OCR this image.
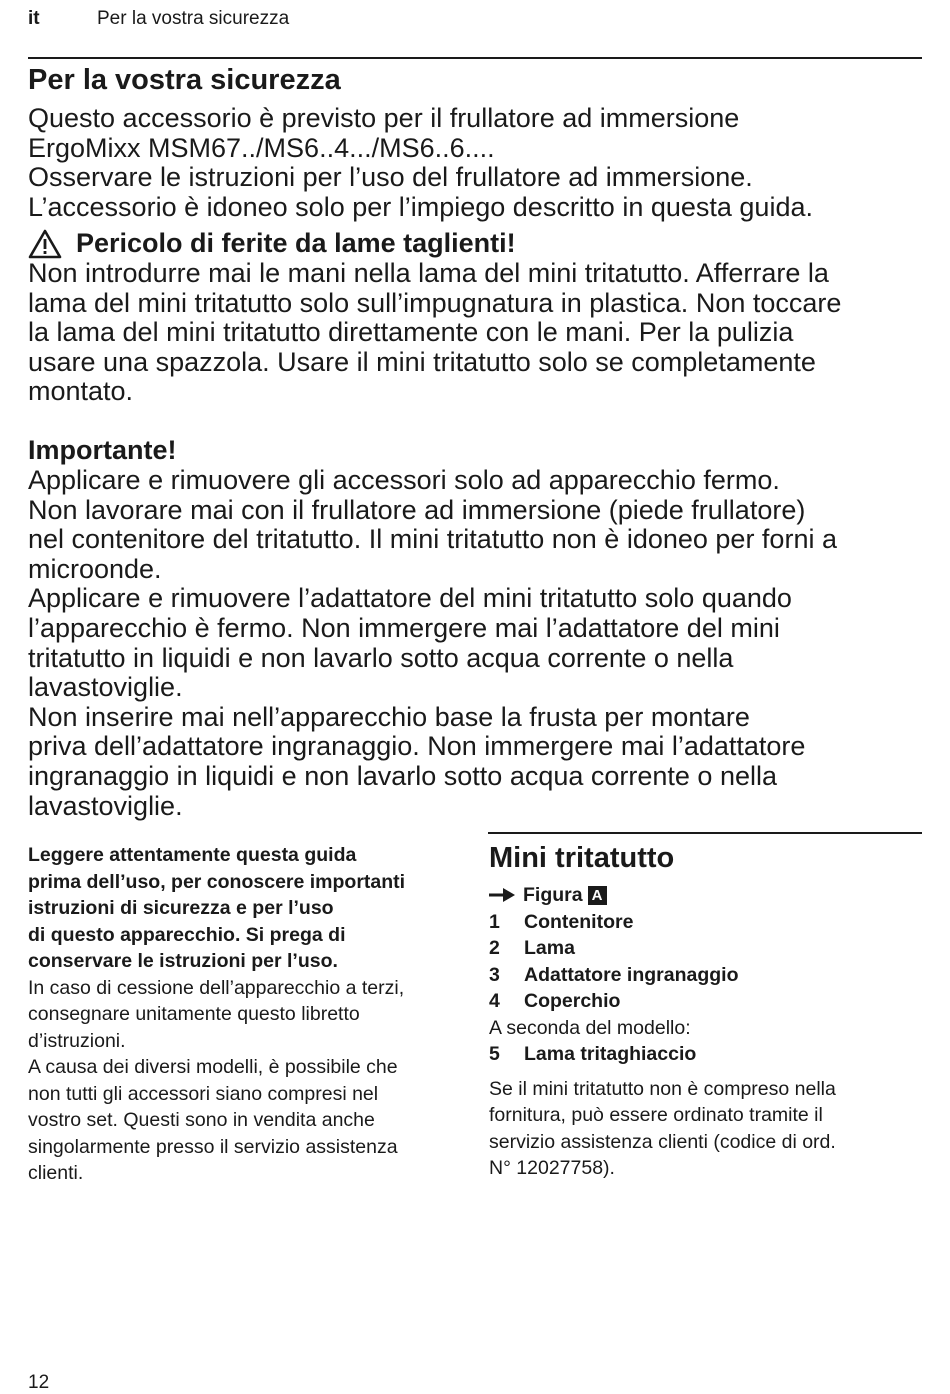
it	Per la vostra sicurezza
Per la vostra sicurezza

Questo accessorio è previsto per il frullatore ad immersione

ErgoMixx MSM67../MS6..4.../MS6..6....

Osservare le istruzioni per l’uso del frullatore ad immersione.

L’accessorio è idoneo solo per l’impiego descritto in questa guida.

Pericolo di ferite da lame taglienti!

Non introdurre mai le mani nella lama del mini tritatutto. Afferrare la

lama del mini tritatutto solo sull’impugnatura in plastica. Non toccare

la lama del mini tritatutto direttamente con le mani. Per la pulizia

usare una spazzola. Usare il mini tritatutto solo se completamente

montato.

Importante!

Applicare e rimuovere gli accessori solo ad apparecchio fermo.

Non lavorare mai con il frullatore ad immersione (piede frullatore)

nel contenitore del tritatutto. Il mini tritatutto non è idoneo per forni a

microonde.

Applicare e rimuovere l’adattatore del mini tritatutto solo quando

l’apparecchio è fermo. Non immergere mai l’adattatore del mini

tritatutto in liquidi e non lavarlo sotto acqua corrente o nella

lavastoviglie.

Non inserire mai nell’apparecchio base la frusta per montare

priva dell’adattatore ingranaggio. Non immergere mai l’adattatore

ingranaggio in liquidi e non lavarlo sotto acqua corrente o nella

lavastoviglie.

Leggere attentamente questa guida

prima dell’uso, per conoscere importanti

istruzioni di sicurezza e per l’uso

di questo apparecchio. Si prega di

conservare le istruzioni per l’uso.

In caso di cessione dell’apparecchio a terzi,

consegnare unitamente questo libretto

d’istruzioni.

A causa dei diversi modelli, è possibile che

non tutti gli accessori siano compresi nel

vostro set. Questi sono in vendita anche

singolarmente presso il servizio assistenza

clienti.

Mini tritatutto
Figura A
1	Contenitore
2	Lama
3	Adattatore ingranaggio
4	Coperchio

A seconda del modello:

5	Lama tritaghiaccio

Se il mini tritatutto non è compreso nella

fornitura, può essere ordinato tramite il

servizio assistenza clienti (codice di ord.

N° 12027758).

12
